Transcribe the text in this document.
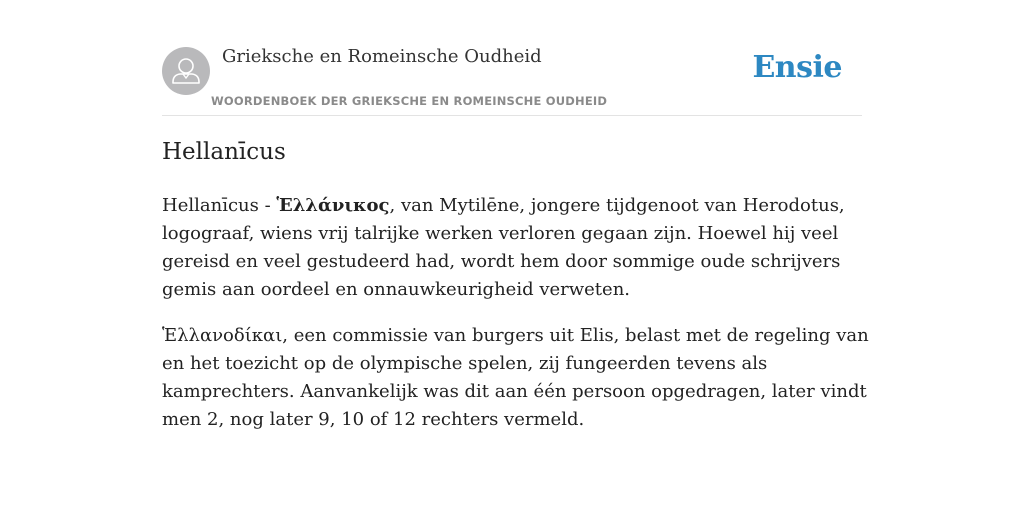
Grieksche en Romeinsche Oudheid
WOORDENBOEK DER GRIEKSCHE EN ROMEINSCHE OUDHEID
Ensie
Hellanīcus

Hellanīcus - Ἑλλάνικος, van Mytilēne, jongere tijdgenoot van Herodotus, logograaf, wiens vrij talrijke werken verloren gegaan zijn. Hoewel hij veel gereisd en veel gestudeerd had, wordt hem door sommige oude schrijvers gemis aan oordeel en onnauwkeurigheid verweten.

Ἑλλανοδίκαι, een commissie van burgers uit Elis, belast met de regeling van en het toezicht op de olympische spelen, zij fungeerden tevens als kamprechters. Aanvankelijk was dit aan één persoon opgedragen, later vindt men 2, nog later 9, 10 of 12 rechters vermeld.
